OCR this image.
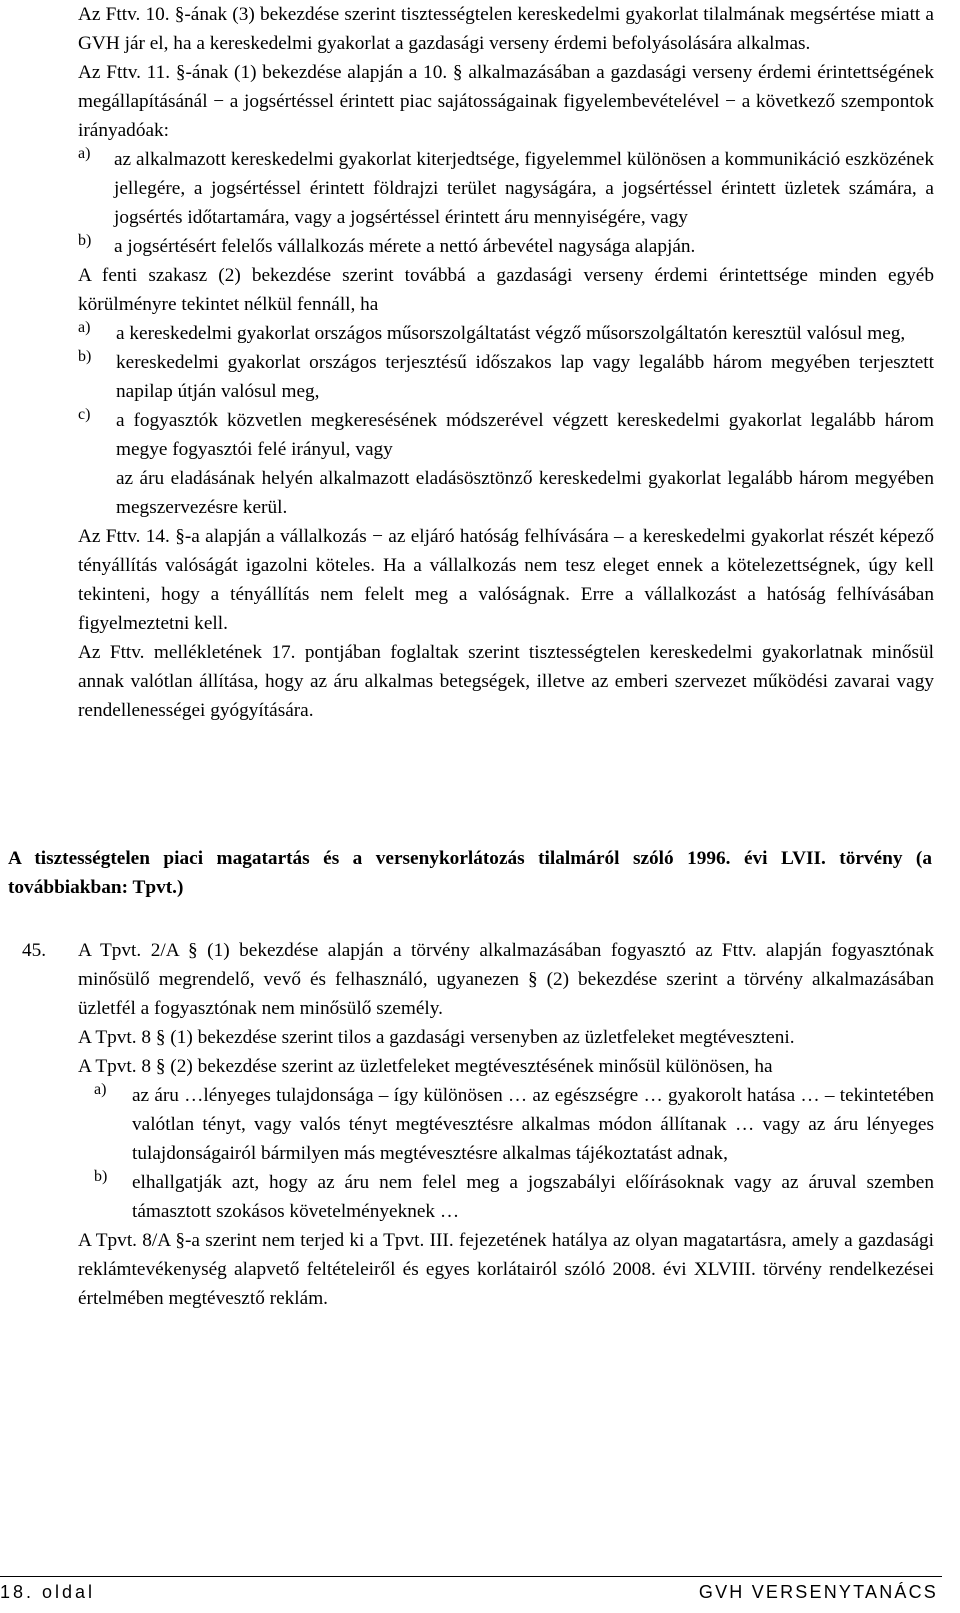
Az Fttv. 10. §-ának (3) bekezdése szerint tisztességtelen kereskedelmi gyakorlat tilalmának megsértése miatt a GVH jár el, ha a kereskedelmi gyakorlat a gazdasági verseny érdemi befolyásolására alkalmas.

Az Fttv. 11. §-ának (1) bekezdése alapján a 10. § alkalmazásában a gazdasági verseny érdemi érintettségének megállapításánál − a jogsértéssel érintett piac sajátosságainak figyelembevételével − a következő szempontok irányadóak:

a)	az alkalmazott kereskedelmi gyakorlat kiterjedtsége, figyelemmel különösen a kommunikáció eszközének jellegére, a jogsértéssel érintett földrajzi terület nagyságára, a jogsértéssel érintett üzletek számára, a jogsértés időtartamára, vagy a jogsértéssel érintett áru mennyiségére, vagy

b)	a jogsértésért felelős vállalkozás mérete a nettó árbevétel nagysága alapján.

A fenti szakasz (2) bekezdése szerint továbbá a gazdasági verseny érdemi érintettsége minden egyéb körülményre tekintet nélkül fennáll, ha

a)	a kereskedelmi gyakorlat országos műsorszolgáltatást végző műsorszolgáltatón keresztül valósul meg,

b)	kereskedelmi gyakorlat országos terjesztésű időszakos lap vagy legalább három megyében terjesztett napilap útján valósul meg,

c)	a fogyasztók közvetlen megkeresésének módszerével végzett kereskedelmi gyakorlat legalább három megye fogyasztói felé irányul, vagy

az áru eladásának helyén alkalmazott eladásösztönző kereskedelmi gyakorlat legalább három megyében megszervezésre kerül.

Az Fttv. 14. §-a alapján a vállalkozás − az eljáró hatóság felhívására – a kereskedelmi gyakorlat részét képező tényállítás valóságát igazolni köteles. Ha a vállalkozás nem tesz eleget ennek a kötelezettségnek, úgy kell tekinteni, hogy a tényállítás nem felelt meg a valóságnak. Erre a vállalkozást a hatóság felhívásában figyelmeztetni kell.

Az Fttv. mellékletének 17. pontjában foglaltak szerint tisztességtelen kereskedelmi gyakorlatnak minősül annak valótlan állítása, hogy az áru alkalmas betegségek, illetve az emberi szervezet működési zavarai vagy rendellenességei gyógyítására.

A tisztességtelen piaci magatartás és a versenykorlátozás tilalmáról szóló 1996. évi LVII. törvény (a továbbiakban: Tpvt.)

45. A Tpvt. 2/A § (1) bekezdése alapján a törvény alkalmazásában fogyasztó az Fttv. alapján fogyasztónak minősülő megrendelő, vevő és felhasználó, ugyanezen § (2) bekezdése szerint a törvény alkalmazásában üzletfél a fogyasztónak nem minősülő személy.

A Tpvt. 8 § (1) bekezdése szerint tilos a gazdasági versenyben az üzletfeleket megtéveszteni.

A Tpvt. 8 § (2) bekezdése szerint az üzletfeleket megtévesztésének minősül különösen, ha

a)	az áru …lényeges tulajdonsága – így különösen … az egészségre … gyakorolt hatása … – tekintetében valótlan tényt, vagy valós tényt megtévesztésre alkalmas módon állítanak … vagy az áru lényeges tulajdonságairól bármilyen más megtévesztésre alkalmas tájékoztatást adnak,

b)	elhallgatják azt, hogy az áru nem felel meg a jogszabályi előírásoknak vagy az áruval szemben támasztott szokásos követelményeknek …

A Tpvt. 8/A §-a szerint nem terjed ki a Tpvt. III. fejezetének hatálya az olyan magatartásra, amely a gazdasági reklámtevékenység alapvető feltételeiről és egyes korlátairól szóló 2008. évi XLVIII. törvény rendelkezései értelmében megtévesztő reklám.

18. oldal	GVH VERSENYTANÁCS
